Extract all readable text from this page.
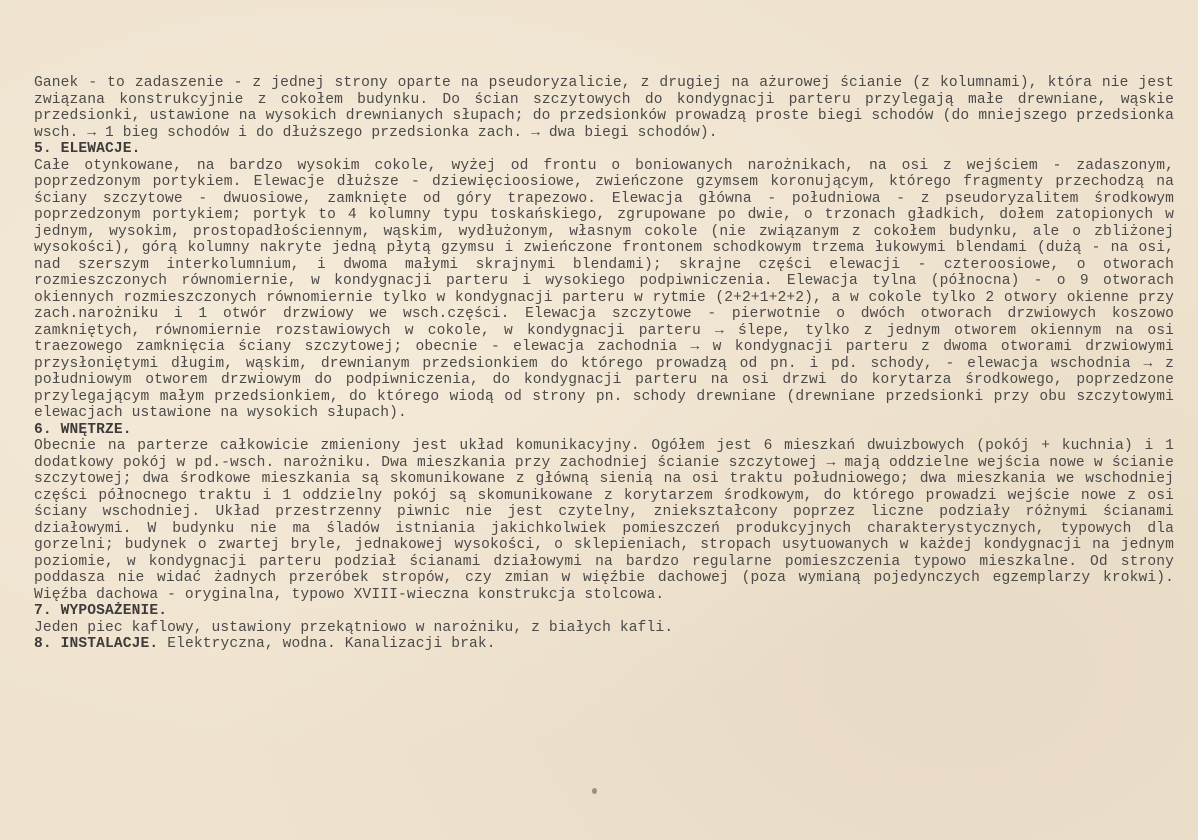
Ganek - to zadaszenie - z jednej strony oparte na pseudoryzalicie, z drugiej na ażurowej ścianie (z kolumnami), która nie jest związana konstrukcyjnie z cokołem budynku. Do ścian szczytowych do kondygnacji parteru przylegają małe drewniane, wąskie przedsionki, ustawione na wysokich drewnianych słupach; do przedsionków prowadzą proste biegi schodów (do mniejszego przedsionka wsch. → 1 bieg schodów i do dłuższego przedsionka zach. → dwa biegi schodów).

5. ELEWACJE.

Całe otynkowane, na bardzo wysokim cokole, wyżej od frontu o boniowanych narożnikach, na osi z wejściem - zadaszonym, poprzedzonym portykiem. Elewacje dłuższe - dziewięcioosiowe, zwieńczone gzymsem koronującym, którego fragmenty przechodzą na ściany szczytowe - dwuosiowe, zamknięte od góry trapezowo. Elewacja główna - południowa - z pseudoryzalitem środkowym poprzedzonym portykiem; portyk to 4 kolumny typu toskańskiego, zgrupowane po dwie, o trzonach gładkich, dołem zatopionych w jednym, wysokim, prostopadłościennym, wąskim, wydłużonym, własnym cokole (nie związanym z cokołem budynku, ale o zbliżonej wysokości), górą kolumny nakryte jedną płytą gzymsu i zwieńczone frontonem schodkowym trzema łukowymi blendami (dużą - na osi, nad szerszym interkolumnium, i dwoma małymi skrajnymi blendami); skrajne części elewacji - czteroosiowe, o otworach rozmieszczonych równomiernie, w kondygnacji parteru i wysokiego podpiwniczenia. Elewacja tylna (północna) - o 9 otworach okiennych rozmieszczonych równomiernie tylko w kondygnacji parteru w rytmie (2+2+1+2+2), a w cokole tylko 2 otwory okienne przy zach.narożniku i 1 otwór drzwiowy we wsch.części. Elewacja szczytowe - pierwotnie o dwóch otworach drzwiowych koszowo zamkniętych, równomiernie rozstawiowych w cokole, w kondygnacji parteru → ślepe, tylko z jednym otworem okiennym na osi traezowego zamknięcia ściany szczytowej; obecnie - elewacja zachodnia → w kondygnacji parteru z dwoma otworami drzwiowymi przysłoniętymi długim, wąskim, drewnianym przedsionkiem do którego prowadzą od pn. i pd. schody, - elewacja wschodnia → z południowym otworem drzwiowym do podpiwniczenia, do kondygnacji parteru na osi drzwi do korytarza środkowego, poprzedzone przylegającym małym przedsionkiem, do którego wiodą od strony pn. schody drewniane (drewniane przedsionki przy obu szczytowymi elewacjach ustawione na wysokich słupach).

6. WNĘTRZE.

Obecnie na parterze całkowicie zmieniony jest układ komunikacyjny. Ogółem jest 6 mieszkań dwuizbowych (pokój + kuchnia) i 1 dodatkowy pokój w pd.-wsch. narożniku. Dwa mieszkania przy zachodniej ścianie szczytowej → mają oddzielne wejścia nowe w ścianie szczytowej; dwa środkowe mieszkania są skomunikowane z główną sienią na osi traktu południowego; dwa mieszkania we wschodniej części północnego traktu i 1 oddzielny pokój są skomunikowane z korytarzem środkowym, do którego prowadzi wejście nowe z osi ściany wschodniej. Układ przestrzenny piwnic nie jest czytelny, zniekształcony poprzez liczne podziały różnymi ścianami działowymi. W budynku nie ma śladów istniania jakichkolwiek pomieszczeń produkcyjnych charakterystycznych, typowych dla gorzelni; budynek o zwartej bryle, jednakowej wysokości, o sklepieniach, stropach usytuowanych w każdej kondygnacji na jednym poziomie, w kondygnacji parteru podział ścianami działowymi na bardzo regularne pomieszczenia typowo mieszkalne. Od strony poddasza nie widać żadnych przeróbek stropów, czy zmian w więźbie dachowej (poza wymianą pojedynczych egzemplarzy krokwi). Więźba dachowa - oryginalna, typowo XVIII-wieczna konstrukcja stolcowa.

7. WYPOSAŻENIE.

Jeden piec kaflowy, ustawiony przekątniowo w narożniku, z białych kafli.

8. INSTALACJE. Elektryczna, wodna. Kanalizacji brak.
